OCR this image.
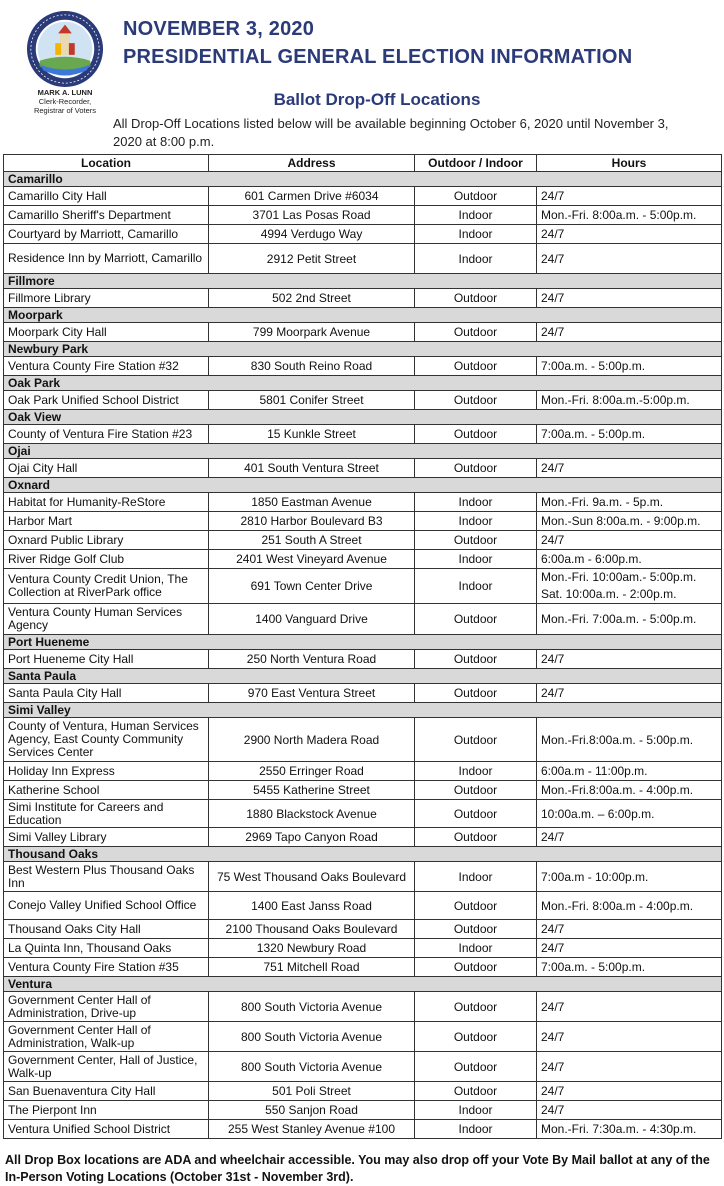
MARK A. LUNN
Clerk-Recorder,
Registrar of Voters
NOVEMBER 3, 2020
PRESIDENTIAL GENERAL ELECTION INFORMATION
Ballot Drop-Off Locations
All Drop-Off Locations listed below will be available beginning October 6, 2020 until November 3, 2020 at 8:00 p.m.
Location	Address	Outdoor / Indoor	Hours
Camarillo			
Camarillo City Hall	601 Carmen Drive #6034	Outdoor	24/7
Camarillo Sheriff's Department	3701 Las Posas Road	Indoor	Mon.-Fri. 8:00a.m. - 5:00p.m.
Courtyard by Marriott, Camarillo	4994 Verdugo Way	Indoor	24/7
Residence Inn by Marriott, Camarillo	2912 Petit Street	Indoor	24/7
Fillmore			
Fillmore Library	502 2nd Street	Outdoor	24/7
Moorpark			
Moorpark City Hall	799 Moorpark Avenue	Outdoor	24/7
Newbury Park			
Ventura County Fire Station #32	830 South Reino Road	Outdoor	7:00a.m. - 5:00p.m.
Oak Park			
Oak Park Unified School District	5801 Conifer Street	Outdoor	Mon.-Fri. 8:00a.m.-5:00p.m.
Oak View			
County of Ventura Fire Station #23	15 Kunkle Street	Outdoor	7:00a.m. - 5:00p.m.
Ojai			
Ojai City Hall	401 South Ventura Street	Outdoor	24/7
Oxnard			
Habitat for Humanity-ReStore	1850 Eastman Avenue	Indoor	Mon.-Fri. 9a.m. - 5p.m.
Harbor Mart	2810 Harbor Boulevard B3	Indoor	Mon.-Sun 8:00a.m. - 9:00p.m.
Oxnard Public Library	251 South A Street	Outdoor	24/7
River Ridge Golf Club	2401 West Vineyard Avenue	Indoor	6:00a.m - 6:00p.m.
Ventura County Credit Union, The Collection at RiverPark office	691 Town Center Drive	Indoor	Mon.-Fri. 10:00am.- 5:00p.m.
Sat. 10:00a.m. - 2:00p.m.

Ventura County Human Services Agency	1400 Vanguard Drive	Outdoor	Mon.-Fri. 7:00a.m. - 5:00p.m.
Port Hueneme			
Port Hueneme City Hall	250 North Ventura Road	Outdoor	24/7
Santa Paula			
Santa Paula City Hall	970 East Ventura Street	Outdoor	24/7
Simi Valley			
County of Ventura, Human Services Agency, East County Community Services Center	2900 North Madera Road	Outdoor	Mon.-Fri.8:00a.m. - 5:00p.m.
Holiday Inn Express	2550 Erringer Road	Indoor	6:00a.m - 11:00p.m.
Katherine School	5455 Katherine Street	Outdoor	Mon.-Fri.8:00a.m. - 4:00p.m.
Simi Institute for Careers and Education	1880 Blackstock Avenue	Outdoor	10:00a.m. – 6:00p.m.
Simi Valley Library	2969 Tapo Canyon Road	Outdoor	24/7
Thousand Oaks			
Best Western Plus Thousand Oaks Inn	75 West Thousand Oaks Boulevard	Indoor	7:00a.m - 10:00p.m.
Conejo Valley Unified School Office	1400 East Janss Road	Outdoor	Mon.-Fri. 8:00a.m - 4:00p.m.
Thousand Oaks City Hall	2100 Thousand Oaks Boulevard	Outdoor	24/7
La Quinta Inn, Thousand Oaks	1320 Newbury Road	Indoor	24/7
Ventura County Fire Station #35	751 Mitchell Road	Outdoor	7:00a.m. - 5:00p.m.
Ventura			
Government Center Hall of Administration, Drive-up	800 South Victoria Avenue	Outdoor	24/7
Government Center Hall of Administration, Walk-up	800 South Victoria Avenue	Outdoor	24/7
Government Center, Hall of Justice, Walk-up	800 South Victoria Avenue	Outdoor	24/7
San Buenaventura City Hall	501 Poli Street	Outdoor	24/7
The Pierpont Inn	550 Sanjon Road	Indoor	24/7
Ventura Unified School District	255 West Stanley Avenue #100	Indoor	Mon.-Fri. 7:30a.m. - 4:30p.m.
All Drop Box locations are ADA and wheelchair accessible. You may also drop off your Vote By Mail ballot at any of the In-Person Voting Locations (October 31st - November 3rd).
